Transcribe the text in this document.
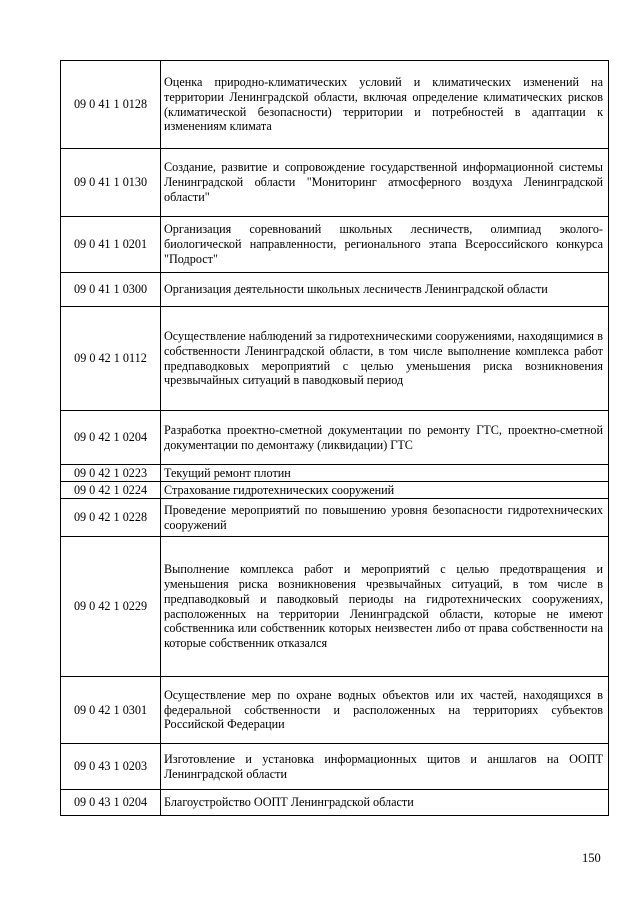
09 0 41 1 0128	Оценка природно-климатических условий и климатических изменений на территории Ленинградской области, включая определение климатических рисков (климатической безопасности) территории и потребностей в адаптации к изменениям климата
09 0 41 1 0130	Создание, развитие и сопровождение государственной информационной системы Ленинградской области "Мониторинг атмосферного воздуха Ленинградской области"
09 0 41 1 0201	Организация соревнований школьных лесничеств, олимпиад эколого-биологической направленности, регионального этапа Всероссийского конкурса "Подрост"
09 0 41 1 0300	Организация деятельности школьных лесничеств Ленинградской области
09 0 42 1 0112	Осуществление наблюдений за гидротехническими сооружениями, находящимися в собственности Ленинградской области, в том числе выполнение комплекса работ предпаводковых мероприятий с целью уменьшения риска возникновения чрезвычайных ситуаций в паводковый период
09 0 42 1 0204	Разработка проектно-сметной документации по ремонту ГТС, проектно-сметной документации по демонтажу (ликвидации) ГТС
09 0 42 1 0223	Текущий ремонт плотин
09 0 42 1 0224	Страхование гидротехнических сооружений
09 0 42 1 0228	Проведение мероприятий по повышению уровня безопасности гидротехнических сооружений
09 0 42 1 0229	Выполнение комплекса работ и мероприятий с целью предотвращения и уменьшения риска возникновения чрезвычайных ситуаций, в том числе в предпаводковый и паводковый периоды на гидротехнических сооружениях, расположенных на территории Ленинградской области, которые не имеют собственника или собственник которых неизвестен либо от права собственности на которые собственник отказался
09 0 42 1 0301	Осуществление мер по охране водных объектов или их частей, находящихся в федеральной собственности и расположенных на территориях субъектов Российской Федерации
09 0 43 1 0203	Изготовление и установка информационных щитов и аншлагов на ООПТ Ленинградской области
09 0 43 1 0204	Благоустройство ООПТ Ленинградской области
150
